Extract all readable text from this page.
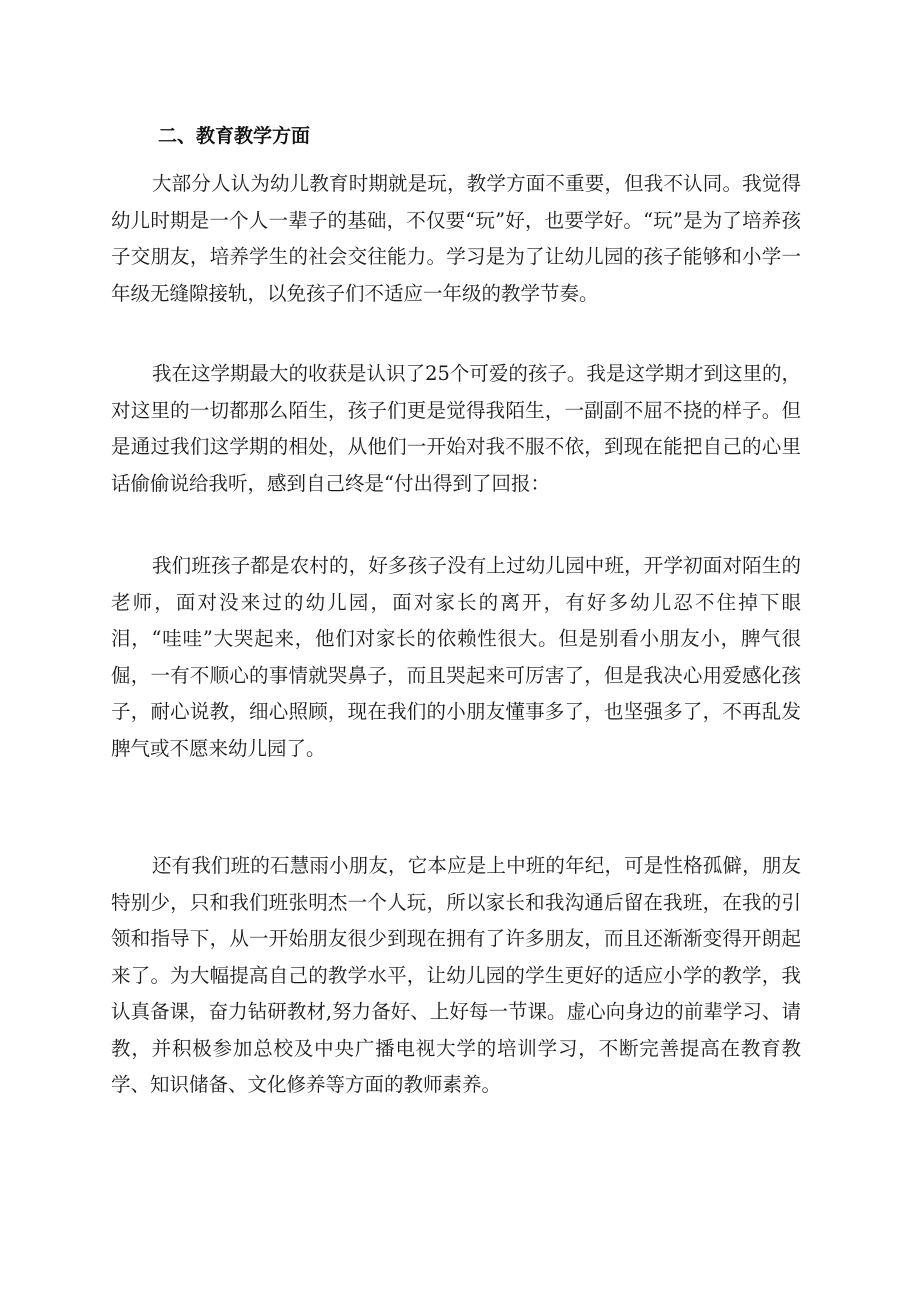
二、教育教学方面

大部分人认为幼儿教育时期就是玩，教学方面不重要，但我不认同。我觉得幼儿时期是一个人一辈子的基础，不仅要“玩”好，也要学好。“玩”是为了培养孩子交朋友，培养学生的社会交往能力。学习是为了让幼儿园的孩子能够和小学一年级无缝隙接轨，以免孩子们不适应一年级的教学节奏。

我在这学期最大的收获是认识了25个可爱的孩子。我是这学期才到这里的，对这里的一切都那么陌生，孩子们更是觉得我陌生，一副副不屈不挠的样子。但是通过我们这学期的相处，从他们一开始对我不服不依，到现在能把自己的心里话偷偷说给我听，感到自己终是“付出得到了回报：

我们班孩子都是农村的，好多孩子没有上过幼儿园中班，开学初面对陌生的老师，面对没来过的幼儿园，面对家长的离开，有好多幼儿忍不住掉下眼泪，“哇哇”大哭起来，他们对家长的依赖性很大。但是别看小朋友小，脾气很倔，一有不顺心的事情就哭鼻子，而且哭起来可厉害了，但是我决心用爱感化孩子，耐心说教，细心照顾，现在我们的小朋友懂事多了，也坚强多了，不再乱发脾气或不愿来幼儿园了。

还有我们班的石慧雨小朋友，它本应是上中班的年纪，可是性格孤僻，朋友特别少，只和我们班张明杰一个人玩，所以家长和我沟通后留在我班，在我的引领和指导下，从一开始朋友很少到现在拥有了许多朋友，而且还渐渐变得开朗起来了。为大幅提高自己的教学水平，让幼儿园的学生更好的适应小学的教学，我认真备课，奋力钻研教材,努力备好、上好每一节课。虚心向身边的前辈学习、请教，并积极参加总校及中央广播电视大学的培训学习，不断完善提高在教育教学、知识储备、文化修养等方面的教师素养。
